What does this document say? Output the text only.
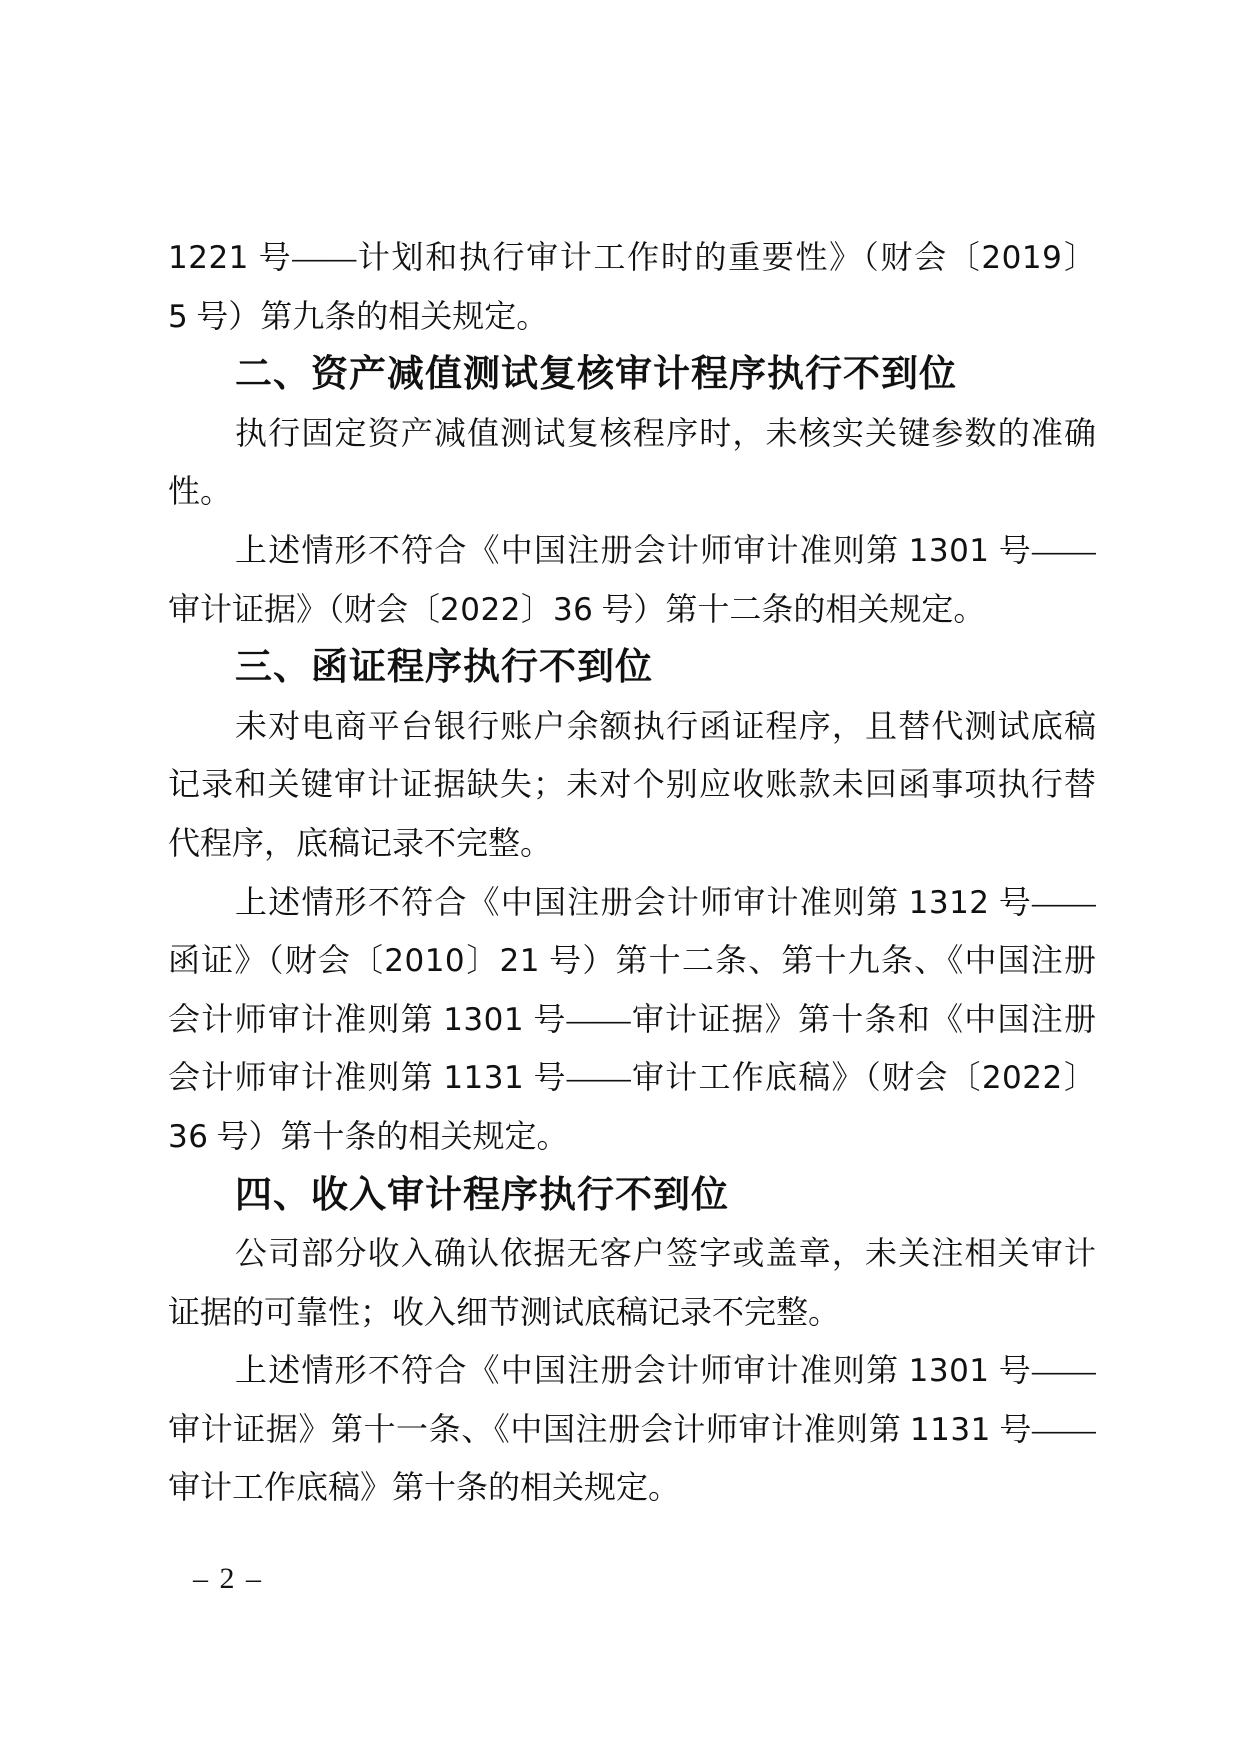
1221 号——计划和执行审计工作时的重要性》（财会〔2019〕
5 号）第九条的相关规定。
二、资产减值测试复核审计程序执行不到位
执行固定资产减值测试复核程序时，未核实关键参数的准确
性。
上述情形不符合《中国注册会计师审计准则第 1301 号——
审计证据》（财会〔2022〕36 号）第十二条的相关规定。
三、函证程序执行不到位
未对电商平台银行账户余额执行函证程序，且替代测试底稿
记录和关键审计证据缺失；未对个别应收账款未回函事项执行替
代程序，底稿记录不完整。
上述情形不符合《中国注册会计师审计准则第 1312 号——
函证》（财会〔2010〕21 号）第十二条、第十九条、《中国注册
会计师审计准则第 1301 号——审计证据》第十条和《中国注册
会计师审计准则第 1131 号——审计工作底稿》（财会〔2022〕
36 号）第十条的相关规定。
四、收入审计程序执行不到位
公司部分收入确认依据无客户签字或盖章，未关注相关审计
证据的可靠性；收入细节测试底稿记录不完整。
上述情形不符合《中国注册会计师审计准则第 1301 号——
审计证据》第十一条、《中国注册会计师审计准则第 1131 号——
审计工作底稿》第十条的相关规定。
– 2 –
